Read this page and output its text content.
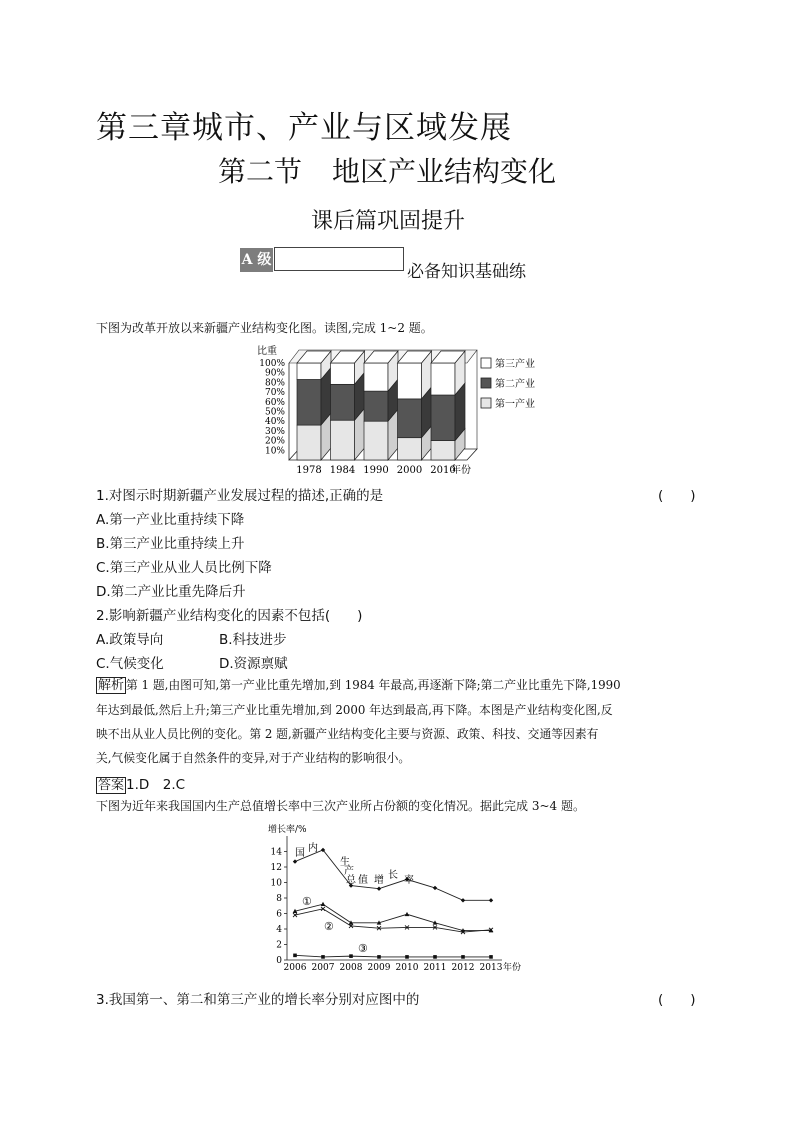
第三章城市、产业与区域发展
第二节 地区产业结构变化
课后篇巩固提升
A 级
必备知识基础练
下图为改革开放以来新疆产业结构变化图。读图,完成 1~2 题。
比重
100%
90%
80%
70%
60%
50%
40%
30%
20%
10%
1978 1984 1990 2000 2010
年份
第三产业
第二产业
第一产业
1.对图示时期新疆产业发展过程的描述,正确的是	(　　)
A.第一产业比重持续下降
B.第三产业比重持续上升
C.第三产业从业人员比例下降
D.第二产业比重先降后升
2.影响新疆产业结构变化的因素不包括(　　)
A.政策导向	B.科技进步
C.气候变化	D.资源禀赋
解析 第 1 题,由图可知,第一产业比重先增加,到 1984 年最高,再逐渐下降;第二产业比重先下降,1990
年达到最低,然后上升;第三产业比重先增加,到 2000 年达到最高,再下降。本图是产业结构变化图,反
映不出从业人员比例的变化。第 2 题,新疆产业结构变化主要与资源、政策、科技、交通等因素有
关,气候变化属于自然条件的变异,对于产业结构的影响很小。
答案 1.D　2.C
下图为近年来我国国内生产总值增长率中三次产业所占份额的变化情况。据此完成 3~4 题。
增长率/%
0
2
4
6
8
10
12
14
2006 2007 2008 2009 2010 2011 2012 2013 年份
国 内
生
产
总 值 增 长 率
①
②
③
3.我国第一、第二和第三产业的增长率分别对应图中的	(　　)
